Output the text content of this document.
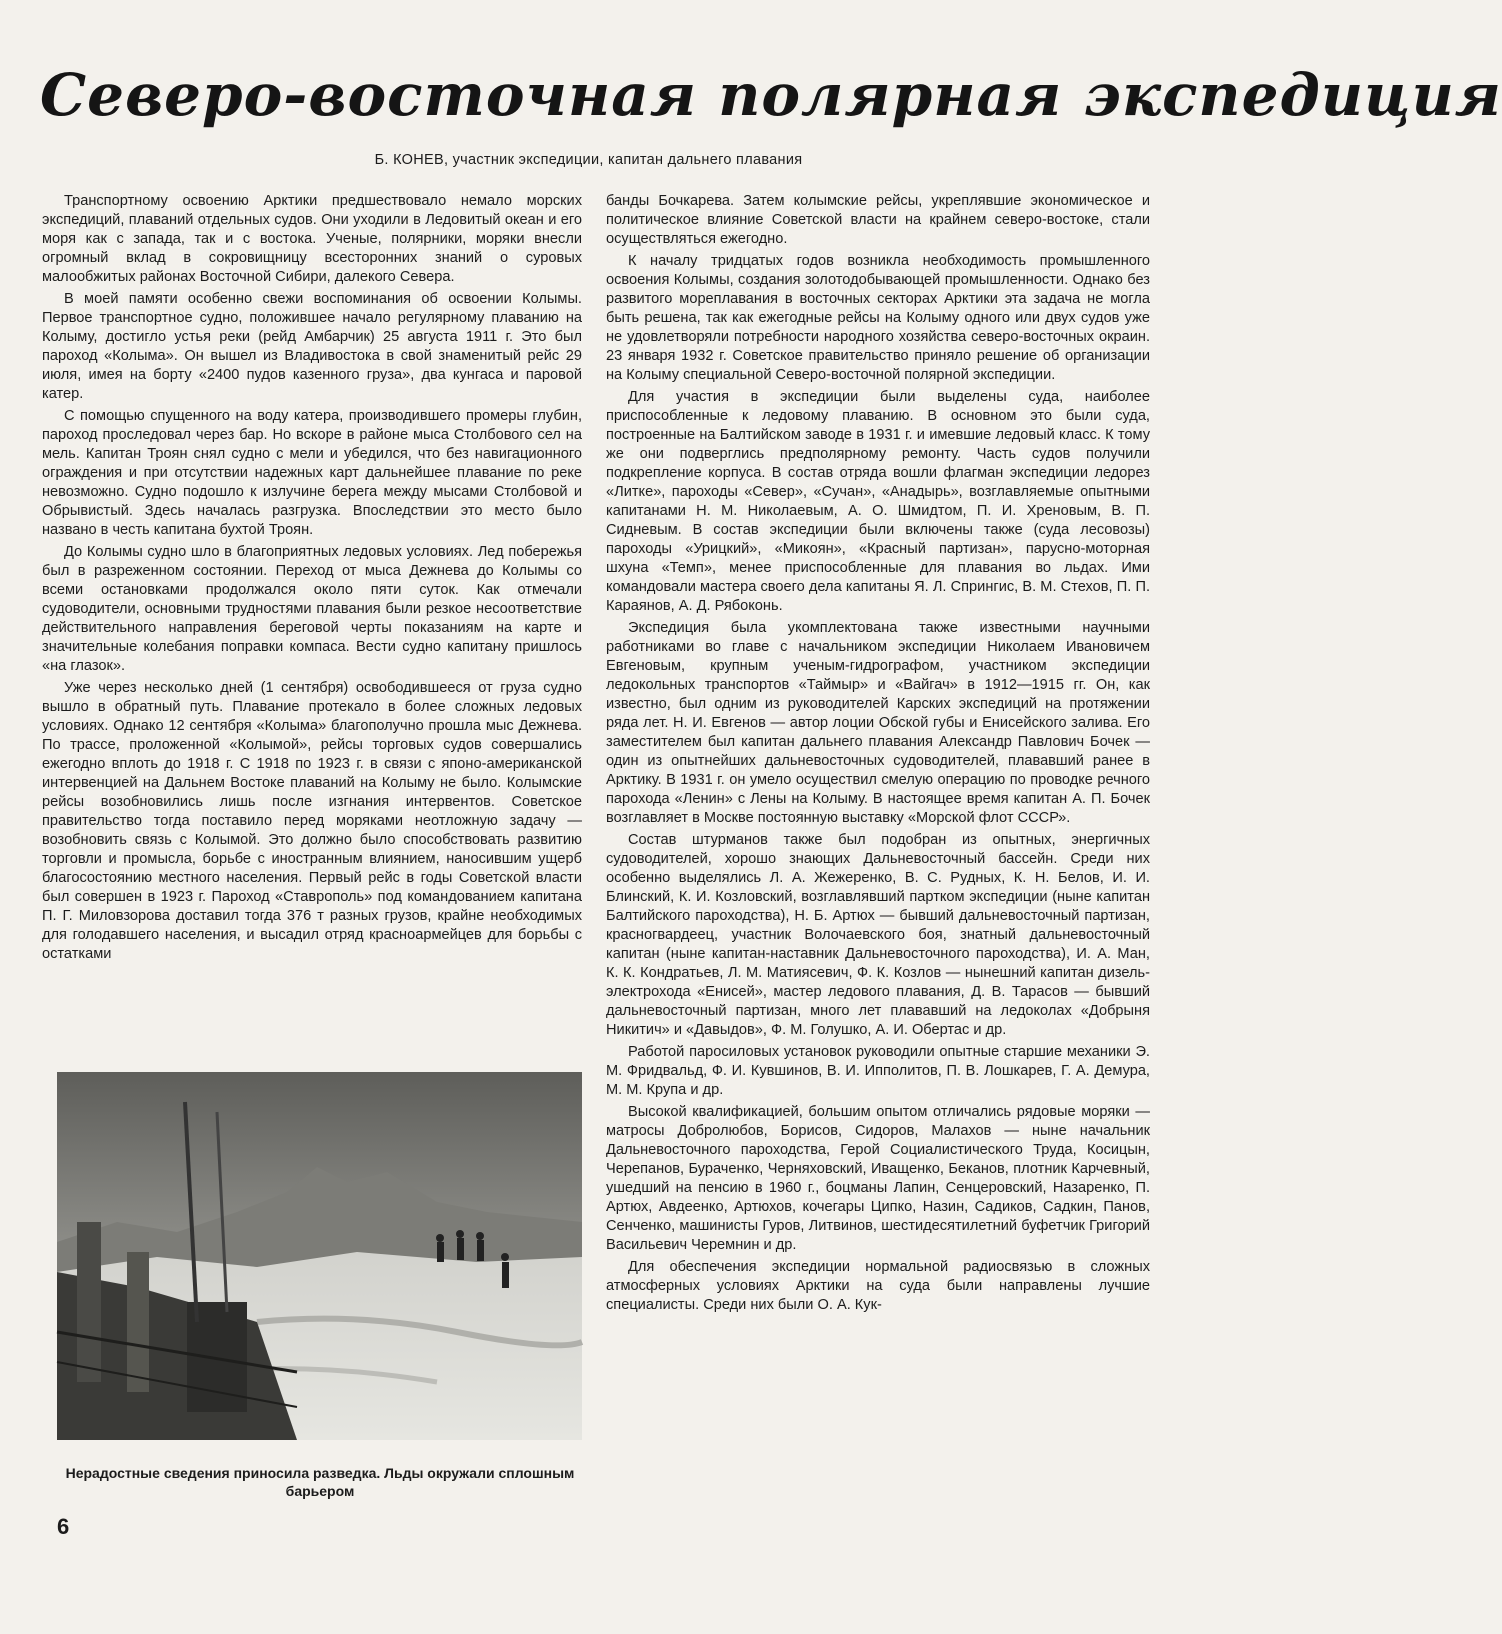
Северо-восточная полярная экспедиция
Б. КОНЕВ, участник экспедиции, капитан дальнего плавания

Транспортному освоению Арктики предшествовало немало морских экспедиций, плаваний отдельных судов. Они уходили в Ледовитый океан и его моря как с запада, так и с востока. Ученые, полярники, моряки внесли огромный вклад в сокровищницу всесторонних знаний о суровых малообжитых районах Восточной Сибири, далекого Севера.

В моей памяти особенно свежи воспоминания об освоении Колымы. Первое транспортное судно, положившее начало регулярному плаванию на Колыму, достигло устья реки (рейд Амбарчик) 25 августа 1911 г. Это был пароход «Колыма». Он вышел из Владивостока в свой знаменитый рейс 29 июля, имея на борту «2400 пудов казенного груза», два кунгаса и паровой катер.

С помощью спущенного на воду катера, производившего промеры глубин, пароход проследовал через бар. Но вскоре в районе мыса Столбового сел на мель. Капитан Троян снял судно с мели и убедился, что без навигационного ограждения и при отсутствии надежных карт дальнейшее плавание по реке невозможно. Судно подошло к излучине берега между мысами Столбовой и Обрывистый. Здесь началась разгрузка. Впоследствии это место было названо в честь капитана бухтой Троян.

До Колымы судно шло в благоприятных ледовых условиях. Лед побережья был в разреженном состоянии. Переход от мыса Дежнева до Колымы со всеми остановками продолжался около пяти суток. Как отмечали судоводители, основными трудностями плавания были резкое несоответствие действительного направления береговой черты показаниям на карте и значительные колебания поправки компаса. Вести судно капитану пришлось «на глазок».

Уже через несколько дней (1 сентября) освободившееся от груза судно вышло в обратный путь. Плавание протекало в более сложных ледовых условиях. Однако 12 сентября «Колыма» благополучно прошла мыс Дежнева. По трассе, проложенной «Колымой», рейсы торговых судов совершались ежегодно вплоть до 1918 г. С 1918 по 1923 г. в связи с японо-американской интервенцией на Дальнем Востоке плаваний на Колыму не было. Колымские рейсы возобновились лишь после изгнания интервентов. Советское правительство тогда поставило перед моряками неотложную задачу — возобновить связь с Колымой. Это должно было способствовать развитию торговли и промысла, борьбе с иностранным влиянием, наносившим ущерб благосостоянию местного населения. Первый рейс в годы Советской власти был совершен в 1923 г. Пароход «Ставрополь» под командованием капитана П. Г. Миловзорова доставил тогда 376 т разных грузов, крайне необходимых для голодавшего населения, и высадил отряд красноармейцев для борьбы с остатками

банды Бочкарева. Затем колымские рейсы, укреплявшие экономическое и политическое влияние Советской власти на крайнем северо-востоке, стали осуществляться ежегодно.

К началу тридцатых годов возникла необходимость промышленного освоения Колымы, создания золотодобывающей промышленности. Однако без развитого мореплавания в восточных секторах Арктики эта задача не могла быть решена, так как ежегодные рейсы на Колыму одного или двух судов уже не удовлетворяли потребности народного хозяйства северо-восточных окраин. 23 января 1932 г. Советское правительство приняло решение об организации на Колыму специальной Северо-восточной полярной экспедиции.

Для участия в экспедиции были выделены суда, наиболее приспособленные к ледовому плаванию. В основном это были суда, построенные на Балтийском заводе в 1931 г. и имевшие ледовый класс. К тому же они подверглись предполярному ремонту. Часть судов получили подкрепление корпуса. В состав отряда вошли флагман экспедиции ледорез «Литке», пароходы «Север», «Сучан», «Анадырь», возглавляемые опытными капитанами Н. М. Николаевым, А. О. Шмидтом, П. И. Хреновым, В. П. Сидневым. В состав экспедиции были включены также (суда лесовозы) пароходы «Урицкий», «Микоян», «Красный партизан», парусно-моторная шхуна «Темп», менее приспособленные для плавания во льдах. Ими командовали мастера своего дела капитаны Я. Л. Спрингис, В. М. Стехов, П. П. Караянов, А. Д. Рябоконь.

Экспедиция была укомплектована также известными научными работниками во главе с начальником экспедиции Николаем Ивановичем Евгеновым, крупным ученым-гидрографом, участником экспедиции ледокольных транспортов «Таймыр» и «Вайгач» в 1912—1915 гг. Он, как известно, был одним из руководителей Карских экспедиций на протяжении ряда лет. Н. И. Евгенов — автор лоции Обской губы и Енисейского залива. Его заместителем был капитан дальнего плавания Александр Павлович Бочек — один из опытнейших дальневосточных судоводителей, плававший ранее в Арктику. В 1931 г. он умело осуществил смелую операцию по проводке речного парохода «Ленин» с Лены на Колыму. В настоящее время капитан А. П. Бочек возглавляет в Москве постоянную выставку «Морской флот СССР».

Состав штурманов также был подобран из опытных, энергичных судоводителей, хорошо знающих Дальневосточный бассейн. Среди них особенно выделялись Л. А. Жежеренко, В. С. Рудных, К. Н. Белов, И. И. Блинский, К. И. Козловский, возглавлявший партком экспедиции (ныне капитан Балтийского пароходства), Н. Б. Артюх — бывший дальневосточный партизан, красногвардеец, участник Волочаевского боя, знатный дальневосточный капитан (ныне капитан-наставник Дальневосточного пароходства), И. А. Ман, К. К. Кондратьев, Л. М. Матиясевич, Ф. К. Козлов — нынешний капитан дизель-электрохода «Енисей», мастер ледового плавания, Д. В. Тарасов — бывший дальневосточный партизан, много лет плававший на ледоколах «Добрыня Никитич» и «Давыдов», Ф. М. Голушко, А. И. Обертас и др.

Работой паросиловых установок руководили опытные старшие механики Э. М. Фридвальд, Ф. И. Кувшинов, В. И. Ипполитов, П. В. Лошкарев, Г. А. Демура, М. М. Крупа и др.

Высокой квалификацией, большим опытом отличались рядовые моряки — матросы Добролюбов, Борисов, Сидоров, Малахов — ныне начальник Дальневосточного пароходства, Герой Социалистического Труда, Косицын, Черепанов, Бураченко, Черняховский, Иващенко, Беканов, плотник Карчевный, ушедший на пенсию в 1960 г., боцманы Лапин, Сенцеровский, Назаренко, П. Артюх, Авдеенко, Артюхов, кочегары Ципко, Назин, Садиков, Садкин, Панов, Сенченко, машинисты Гуров, Литвинов, шестидесятилетний буфетчик Григорий Васильевич Черемнин и др.

Для обеспечения экспедиции нормальной радиосвязью в сложных атмосферных условиях Арктики на суда были направлены лучшие специалисты. Среди них были О. А. Кук-

Нерадостные сведения приносила разведка. Льды окружали сплошным барьером
6
